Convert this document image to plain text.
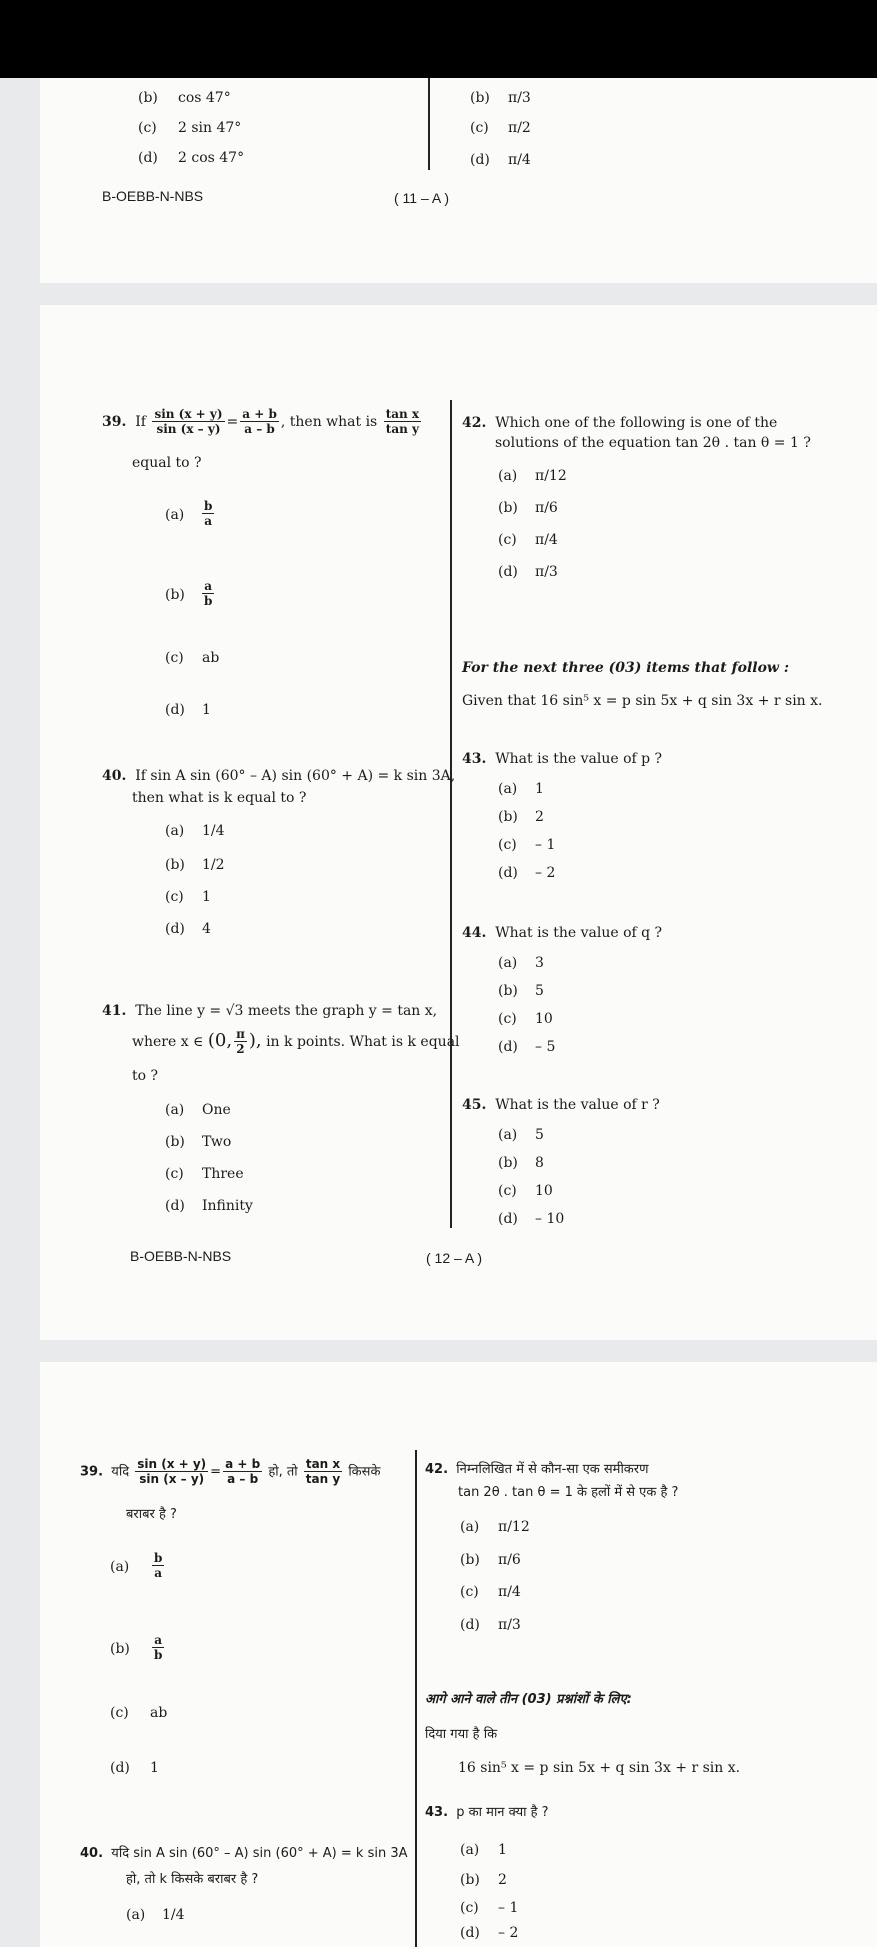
(b) cos 47°
(c) 2 sin 47°
(d) 2 cos 47°
(b) π/3
(c) π/2
(d) π/4
B-OEBB-N-NBS	( 11 – A )
39. If $\frac{\sin (x + y)}{\sin (x - y)} = \frac{a + b}{a - b}$ , then what is $\frac{\text{tan x}}{\text{tan y}}$
equal to ?
$(a) \frac{b}{a}$
$(b) \frac{a}{b}$
(c) ab
(d) 1
40. If sin A sin (60° – A) sin (60° + A) = k sin 3A,
then what is k equal to ?
(a) 1/4
(b) 1/2
(c) 1
(d) 4
41. The line y = √3 meets the graph y = tan x,
where x ∈ (0, $\frac{\pi}{2}$ ), in k points. What is k equal
to ?
(a) One
(b) Two
(c) Three
(d) Infinity
42. Which one of the following is one of the
solutions of the equation tan 2θ . tan θ = 1 ?
(a) π/12
(b) π/6
(c) π/4
(d) π/3
For the next three (03) items that follow :
Given that 16 sin⁵ x = p sin 5x + q sin 3x + r sin x.
43. What is the value of p ?
(a) 1
(b) 2
(c) – 1
(d) – 2
44. What is the value of q ?
(a) 3
(b) 5
(c) 10
(d) – 5
45. What is the value of r ?
(a) 5
(b) 8
(c) 10
(d) – 10
B-OEBB-N-NBS	( 12 – A )
39. यदि $\frac{\sin (x + y)}{\sin (x - y)} = \frac{a + b}{a - b}$ हो, तो $\frac{\text{tan x}}{\text{tan y}}$ किसके
बराबर है ?
$(a) \frac{b}{a}$
$(b) \frac{a}{b}$
(c) ab
(d) 1
40. यदि sin A sin (60° – A) sin (60° + A) = k sin 3A
हो, तो k किसके बराबर है ?
(a) 1/4
42. निम्नलिखित में से कौन-सा एक समीकरण
tan 2θ . tan θ = 1 के हलों में से एक है ?
(a) π/12
(b) π/6
(c) π/4
(d) π/3
आगे आने वाले तीन (03) प्रश्नांशों के लिए:
दिया गया है कि
16 sin⁵ x = p sin 5x + q sin 3x + r sin x.
43. p का मान क्या है ?
(a) 1
(b) 2
(c) – 1
(d) – 2
